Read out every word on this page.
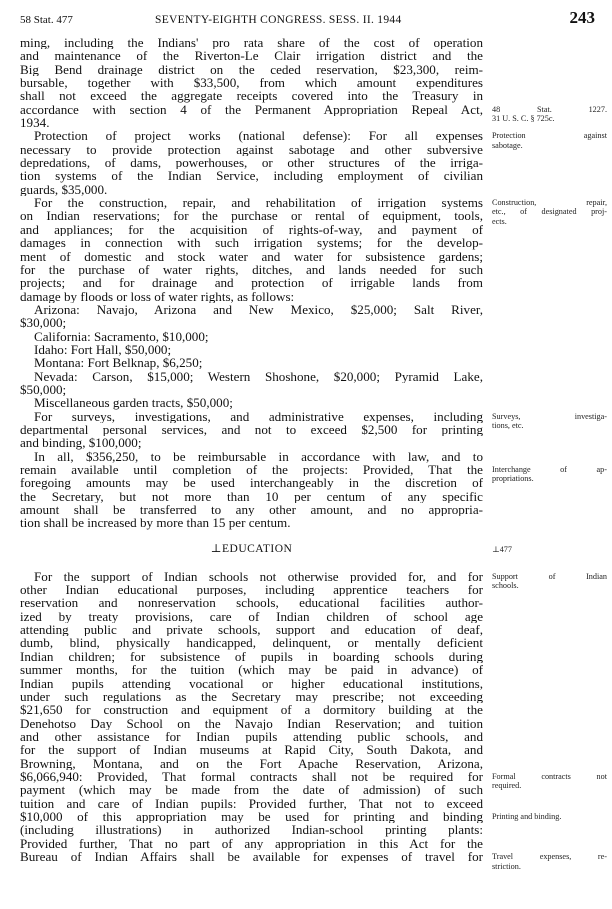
58 Stat. 477	SEVENTY-EIGHTH CONGRESS. SESS. II. 1944	243
ming, including the Indians' pro rata share of the cost of operation
and maintenance of the Riverton-Le Clair irrigation district and the
Big Bend drainage district on the ceded reservation, $23,300, reim-
bursable, together with $33,500, from which amount expenditures
shall not exceed the aggregate receipts covered into the Treasury in
accordance with section 4 of the Permanent Appropriation Repeal Act,
1934.
Protection of project works (national defense): For all expenses
necessary to provide protection against sabotage and other subversive
depredations, of dams, powerhouses, or other structures of the irriga-
tion systems of the Indian Service, including employment of civilian
guards, $35,000.
For the construction, repair, and rehabilitation of irrigation systems
on Indian reservations; for the purchase or rental of equipment, tools,
and appliances; for the acquisition of rights-of-way, and payment of
damages in connection with such irrigation systems; for the develop-
ment of domestic and stock water and water for subsistence gardens;
for the purchase of water rights, ditches, and lands needed for such
projects; and for drainage and protection of irrigable lands from
damage by floods or loss of water rights, as follows:
Arizona: Navajo, Arizona and New Mexico, $25,000; Salt River,
$30,000;
California: Sacramento, $10,000;
Idaho: Fort Hall, $50,000;
Montana: Fort Belknap, $6,250;
Nevada: Carson, $15,000; Western Shoshone, $20,000; Pyramid Lake,
$50,000;
Miscellaneous garden tracts, $50,000;
For surveys, investigations, and administrative expenses, including
departmental personal services, and not to exceed $2,500 for printing
and binding, $100,000;
In all, $356,250, to be reimbursable in accordance with law, and to
remain available until completion of the projects: Provided, That the
foregoing amounts may be used interchangeably in the discretion of
the Secretary, but not more than 10 per centum of any specific
amount shall be transferred to any other amount, and no appropria-
tion shall be increased by more than 15 per centum.
⊥EDUCATION
For the support of Indian schools not otherwise provided for, and for
other Indian educational purposes, including apprentice teachers for
reservation and nonreservation schools, educational facilities author-
ized by treaty provisions, care of Indian children of school age
attending public and private schools, support and education of deaf,
dumb, blind, physically handicapped, delinquent, or mentally deficient
Indian children; for subsistence of pupils in boarding schools during
summer months, for the tuition (which may be paid in advance) of
Indian pupils attending vocational or higher educational institutions,
under such regulations as the Secretary may prescribe; not exceeding
$21,650 for construction and equipment of a dormitory building at the
Denehotso Day School on the Navajo Indian Reservation; and tuition
and other assistance for Indian pupils attending public schools, and
for the support of Indian museums at Rapid City, South Dakota, and
Browning, Montana, and on the Fort Apache Reservation, Arizona,
$6,066,940: Provided, That formal contracts shall not be required for
payment (which may be made from the date of admission) of such
tuition and care of Indian pupils: Provided further, That not to exceed
$10,000 of this appropriation may be used for printing and binding
(including illustrations) in authorized Indian-school printing plants:
Provided further, That no part of any appropriation in this Act for the
Bureau of Indian Affairs shall be available for expenses of travel for
48 Stat. 1227.
31 U. S. C. § 725c.
Protection against
sabotage.
Construction, repair,
etc., of designated proj-
ects.
Surveys, investiga-
tions, etc.
Interchange of ap-
propriations.
⊥477
Support of Indian
schools.
Formal contracts not
required.
Printing and binding.
Travel expenses, re-
striction.
